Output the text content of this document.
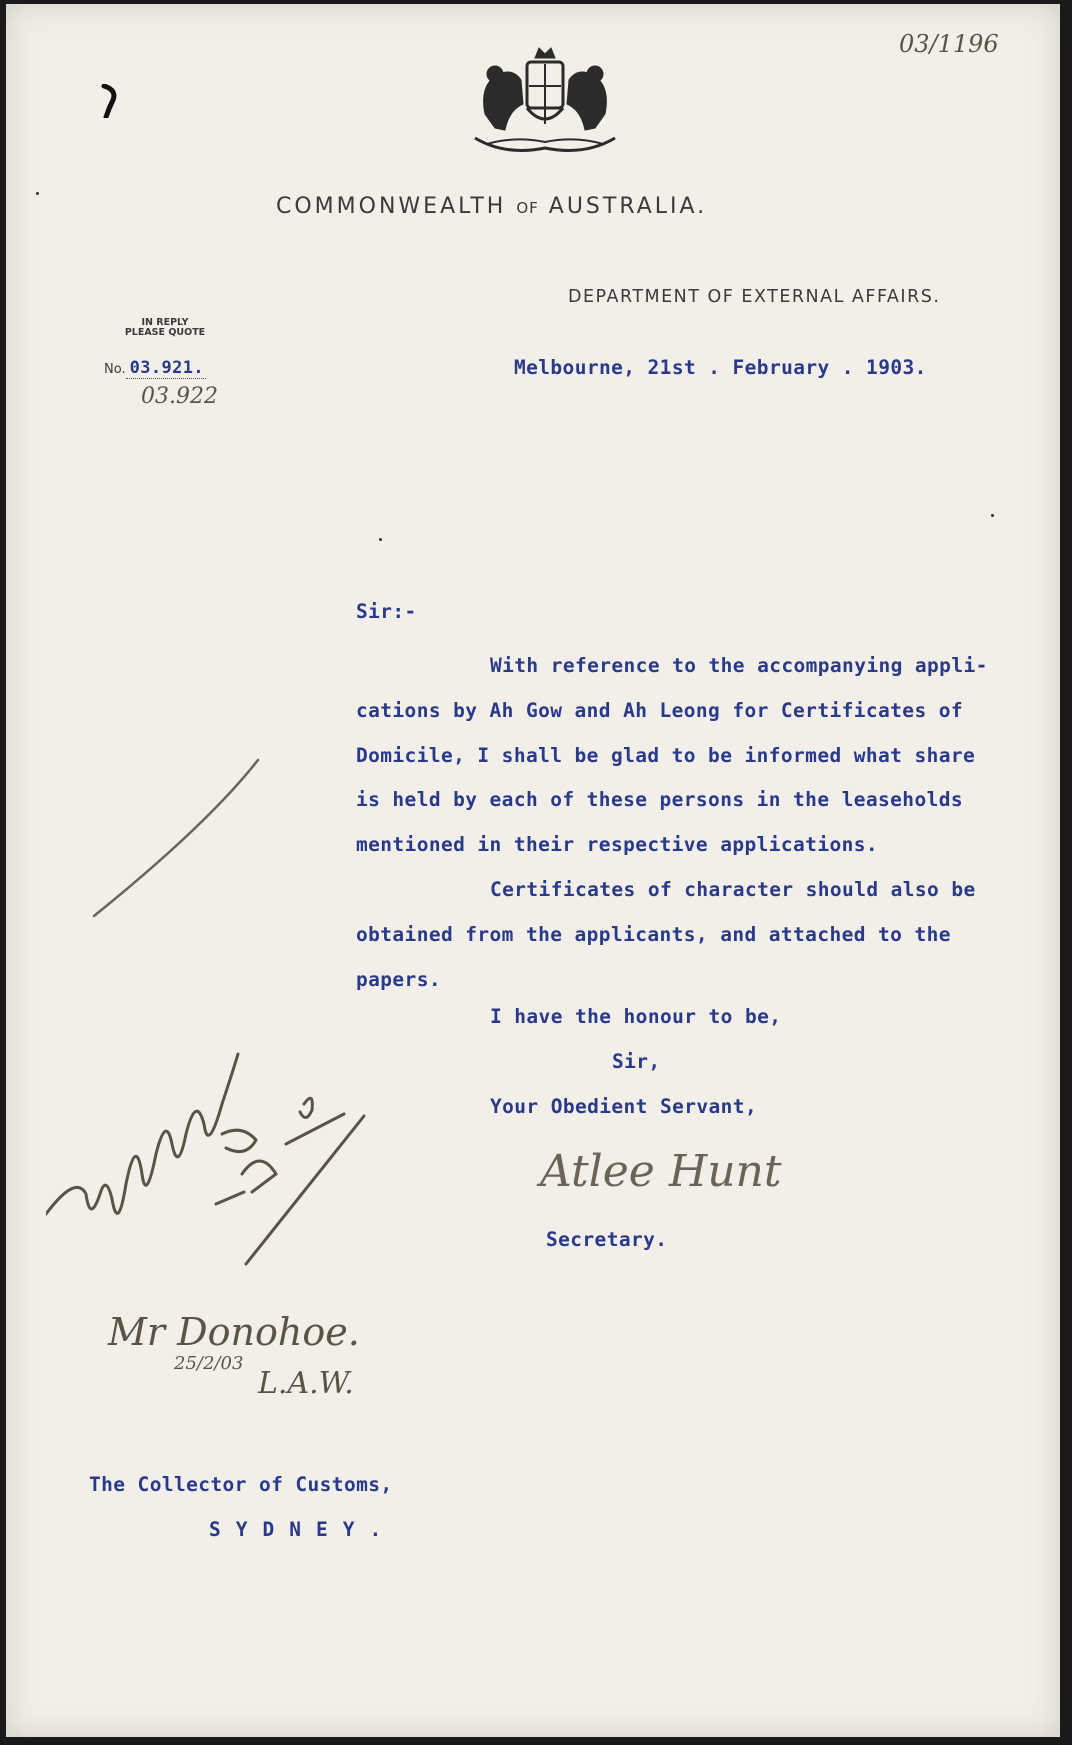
COMMONWEALTH OF AUSTRALIA.
DEPARTMENT OF EXTERNAL AFFAIRS.
IN REPLY
PLEASE QUOTE
No. 03.921.
03.922
03/1196
Melbourne, 21st . February . 1903.
Sir:-
With reference to the accompanying appli-
cations by Ah Gow and Ah Leong for Certificates of
Domicile, I shall be glad to be informed what share
is held by each of these persons in the leaseholds
mentioned in their respective applications.
Certificates of character should also be
obtained from the applicants, and attached to the
papers.
I have the honour to be,
Sir,
Your Obedient Servant,
Atlee Hunt
Secretary.
Mr Donohoe.
25/2/03
L.A.W.
The Collector of Customs,
SYDNEY.
